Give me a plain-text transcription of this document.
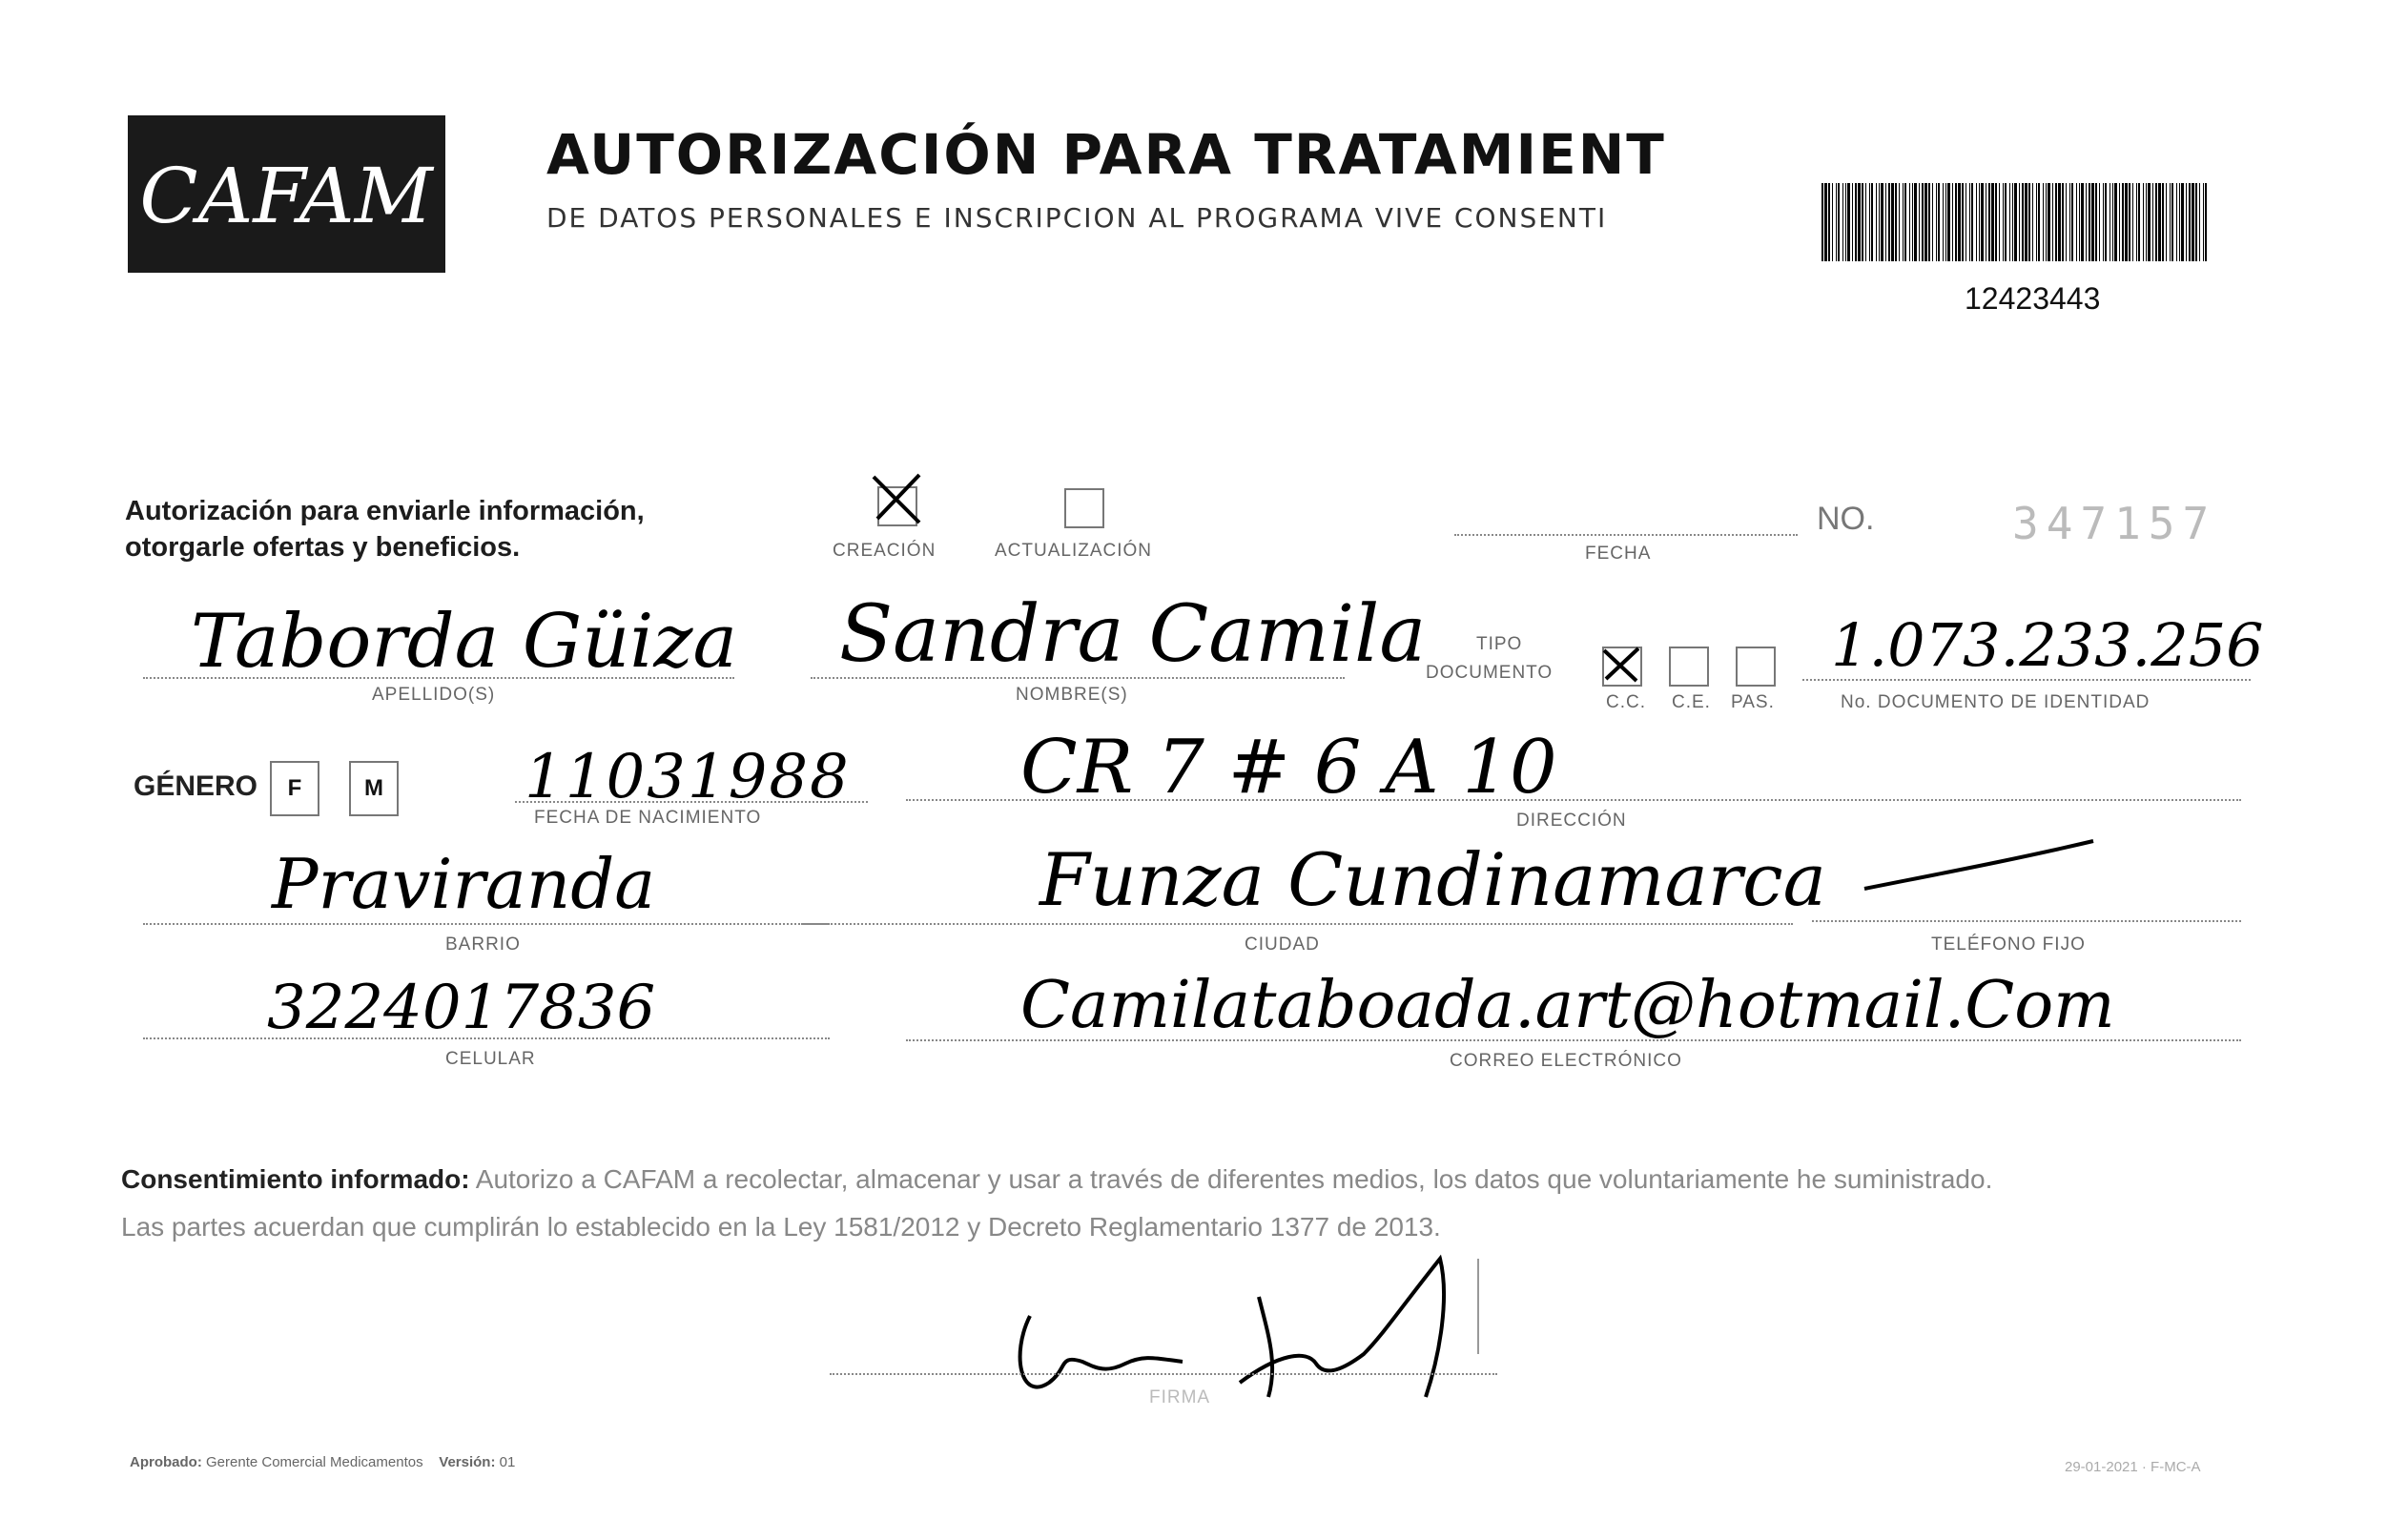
CAFAM AUTORIZACIÓN PARA TRATAMIENT
DE DATOS PERSONALES E INSCRIPCION AL PROGRAMA VIVE CONSENTI
12423443
Autorización para enviarle información,
otorgarle ofertas y beneficios.	CREACIÓN	ACTUALIZACIÓN	FECHA
NO.	347157
Taborda Güiza
APELLIDO(S)
Sandra Camila
NOMBRE(S)
TIPO
DOCUMENTO
C.C. C.E. PAS.
1.073.233.256
No. DOCUMENTO DE IDENTIDAD
GÉNERO	F	M 11031988
FECHA DE NACIMIENTO
CR 7 # 6 A 10
DIRECCIÓN
Praviranda
BARRIO
Funza Cundinamarca
CIUDAD	TELÉFONO FIJO
3224017836
CELULAR
Camilataboada.art@hotmail.Com
CORREO ELECTRÓNICO
Consentimiento informado: Autorizo a CAFAM a recolectar, almacenar y usar a través de diferentes medios, los datos que voluntariamente he suministrado.
Las partes acuerdan que cumplirán lo establecido en la Ley 1581/2012 y Decreto Reglamentario 1377 de 2013.
FIRMA
Aprobado: Gerente Comercial Medicamentos Versión: 01	29-01-2021 · F-MC-A
